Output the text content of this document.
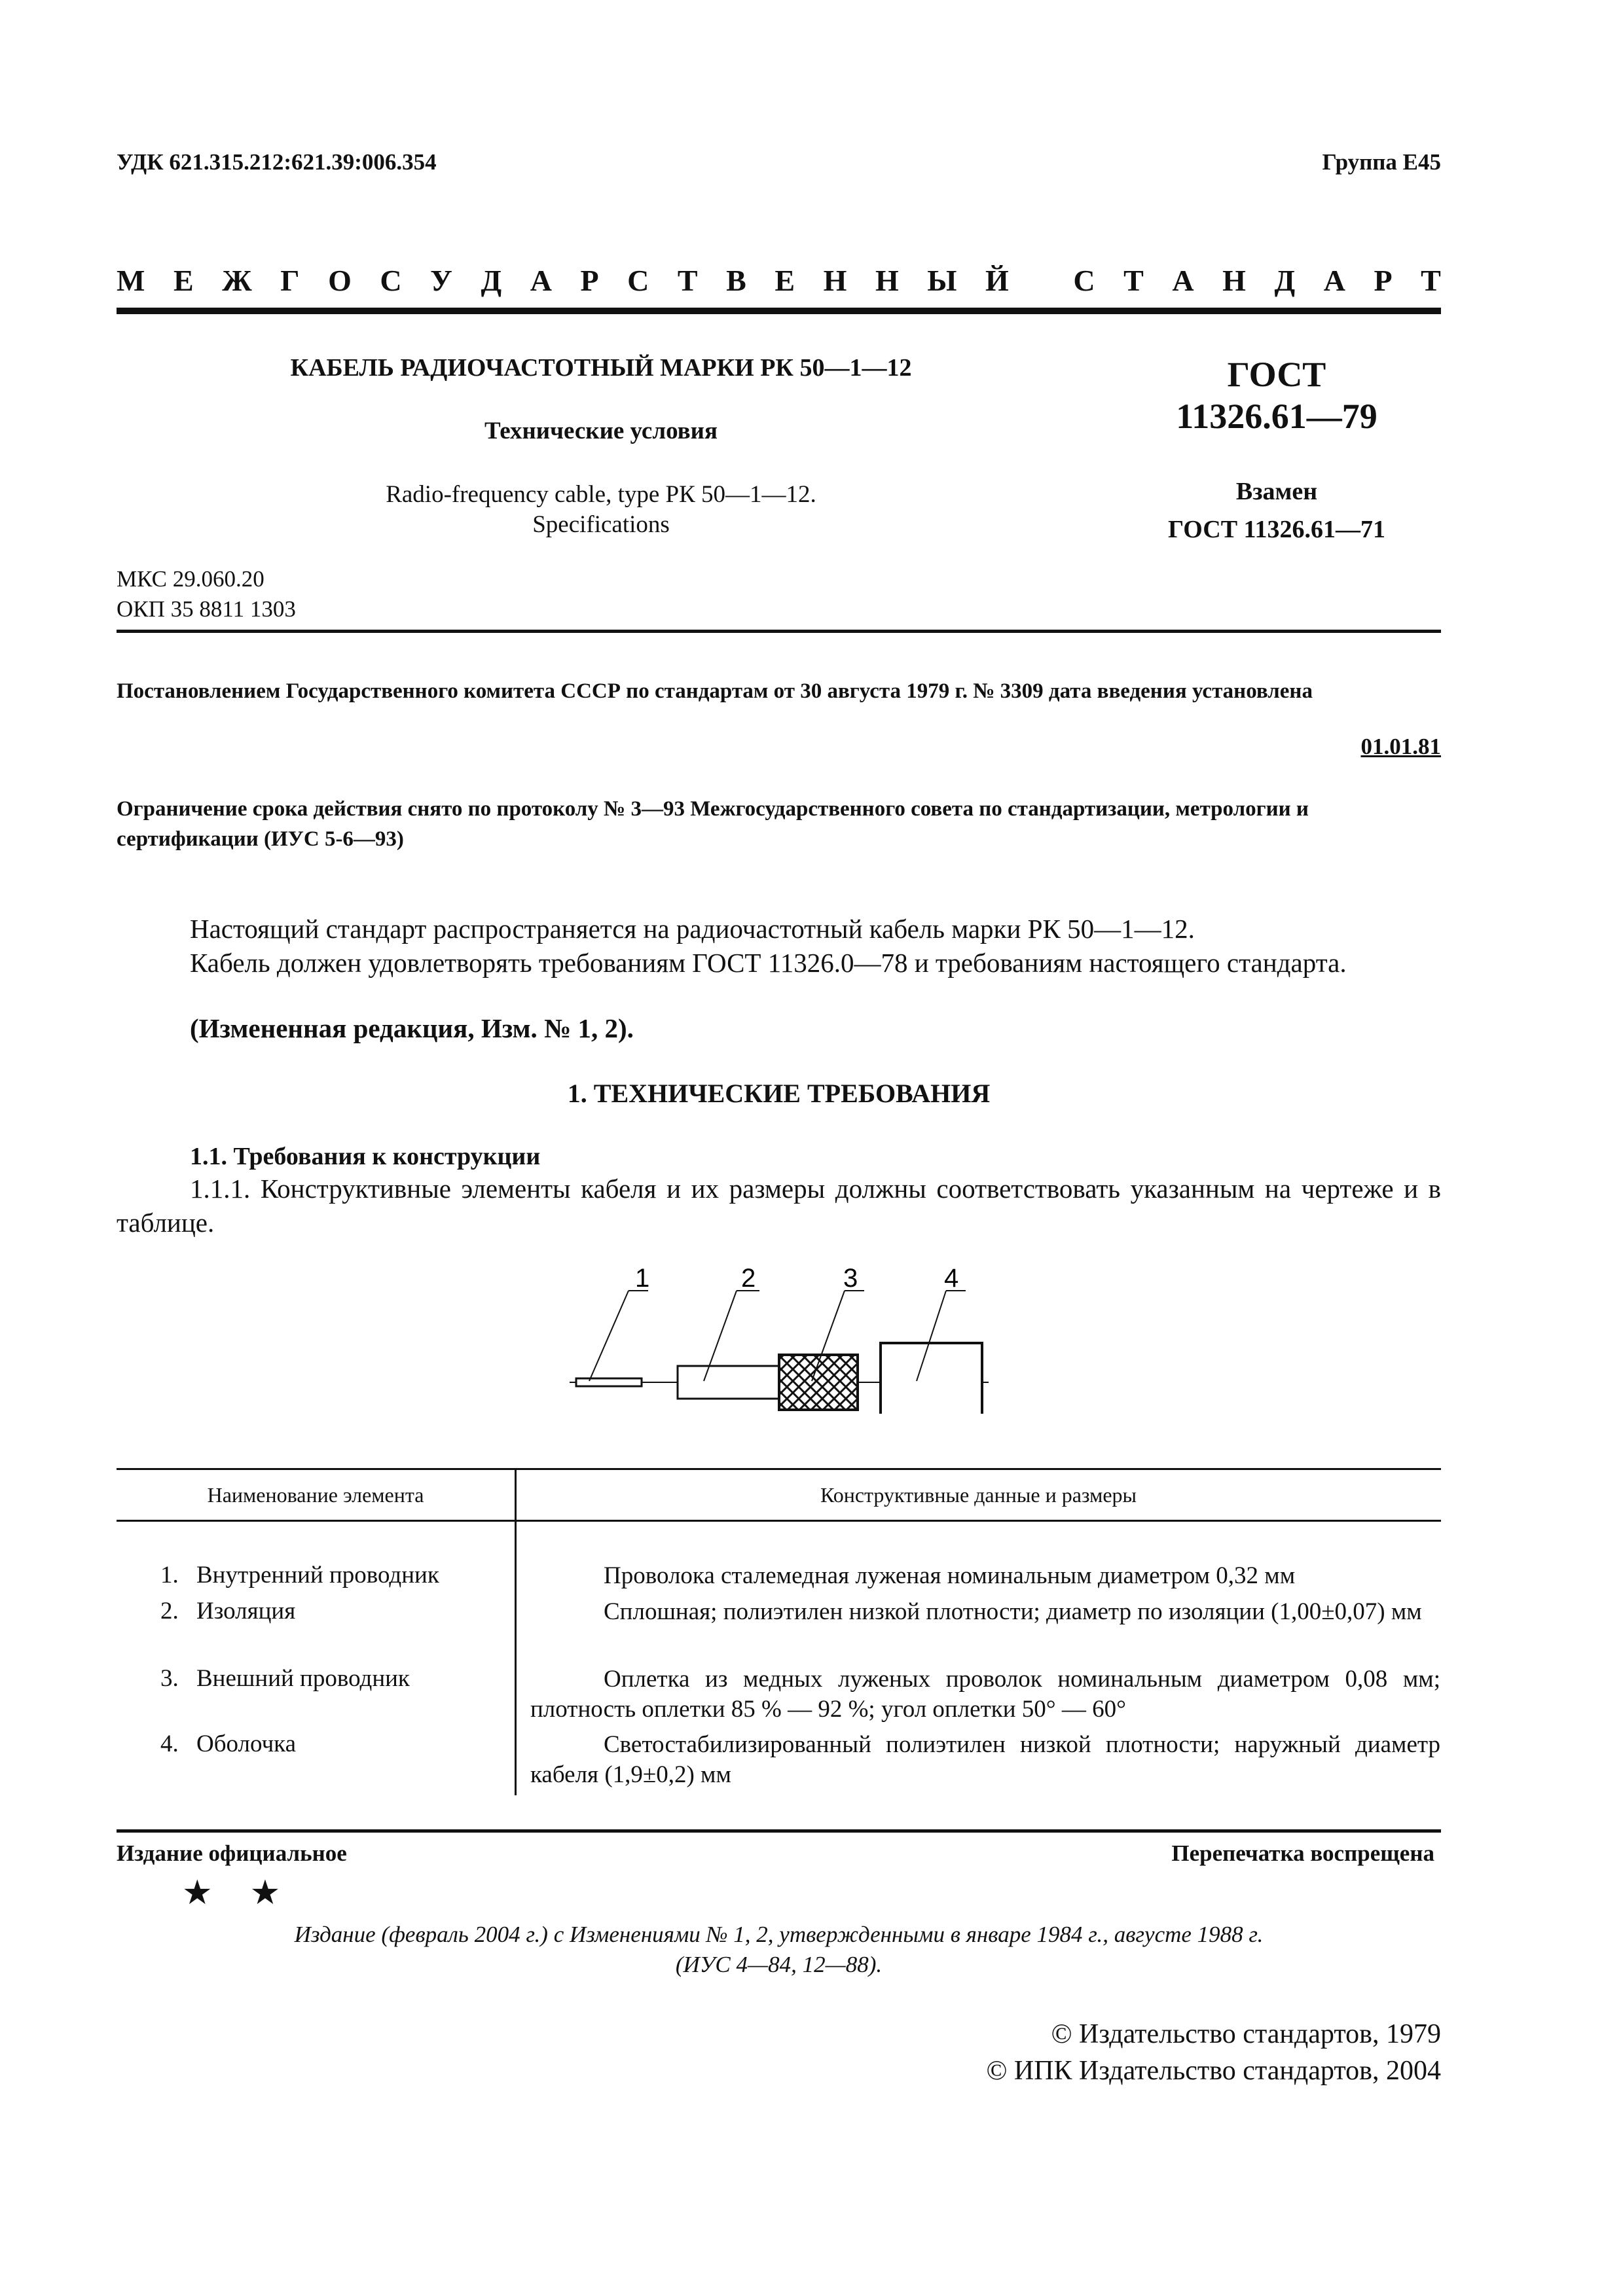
УДК 621.315.212:621.39:006.354	Группа Е45
М Е Ж Г О С У Д А Р С Т В Е Н Н Ы Й
С Т А Н Д А Р Т
КАБЕЛЬ РАДИОЧАСТОТНЫЙ МАРКИ РК 50—1—12
Технические условия
Radio-frequency cable, type РК 50—1—12.
Specifications
ГОСТ
11326.61—79
Взамен
ГОСТ 11326.61—71
МКС 29.060.20
ОКП 35 8811 1303
Постановлением Государственного комитета СССР по стандартам от 30 августа 1979 г. № 3309 дата введения установлена
01.01.81
Ограничение срока действия снято по протоколу № 3—93 Межгосударственного совета по стандартизации, метрологии и сертификации (ИУС 5-6—93)
Настоящий стандарт распространяется на радиочастотный кабель марки РК 50—1—12.
Кабель должен удовлетворять требованиям ГОСТ 11326.0—78 и требованиям настоящего стандарта.
(Измененная редакция, Изм. № 1, 2).
1. ТЕХНИЧЕСКИЕ ТРЕБОВАНИЯ
1.1. Требования к конструкции
1.1.1. Конструктивные элементы кабеля и их размеры должны соответствовать указанным на чертеже и в таблице.
1	2	3	4
Наименование элемента	Конструктивные данные и размеры
1. Внутренний проводник	Проволока сталемедная луженая номинальным диаметром 0,32 мм
2. Изоляция	Сплошная; полиэтилен низкой плотности; диаметр по изоляции (1,00±0,07) мм
3. Внешний проводник	Оплетка из медных луженых проволок номинальным диаметром 0,08 мм; плотность оплетки 85 % — 92 %; угол оплетки 50° — 60°
4. Оболочка	Светостабилизированный полиэтилен низкой плотности; наружный диаметр кабеля (1,9±0,2) мм
Издание официальное	Перепечатка воспрещена
★ ★
Издание (февраль 2004 г.) с Изменениями № 1, 2, утвержденными в январе 1984 г., августе 1988 г.
(ИУС 4—84, 12—88).
© Издательство стандартов, 1979
© ИПК Издательство стандартов, 2004
